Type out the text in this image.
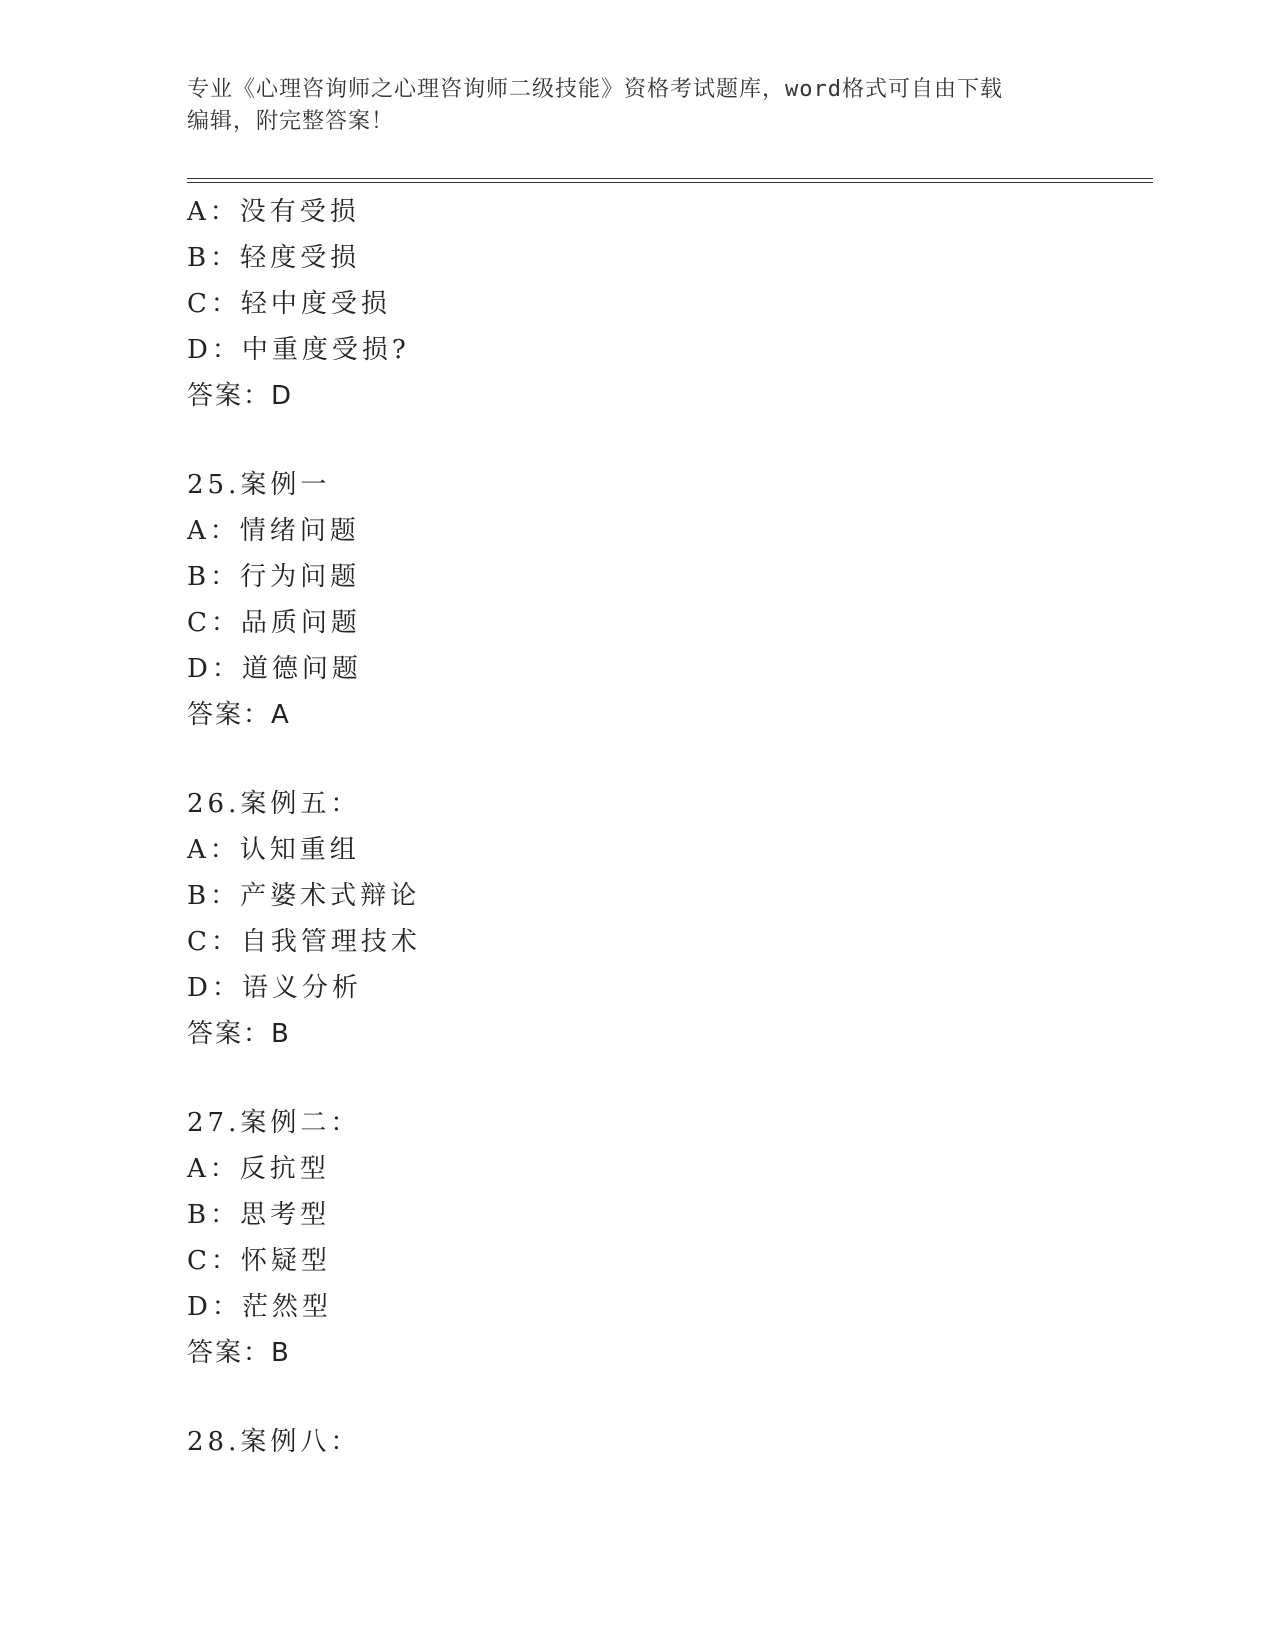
专业《心理咨询师之心理咨询师二级技能》资格考试题库，word格式可自由下载
编辑，附完整答案！
A：没有受损
B：轻度受损
C：轻中度受损
D：中重度受损?
答案：D
25.案例一
A：情绪问题
B：行为问题
C：品质问题
D：道德问题
答案：A
26.案例五：
A：认知重组
B：产婆术式辩论
C：自我管理技术
D：语义分析
答案：B
27.案例二：
A：反抗型
B：思考型
C：怀疑型
D：茫然型
答案：B
28.案例八：
